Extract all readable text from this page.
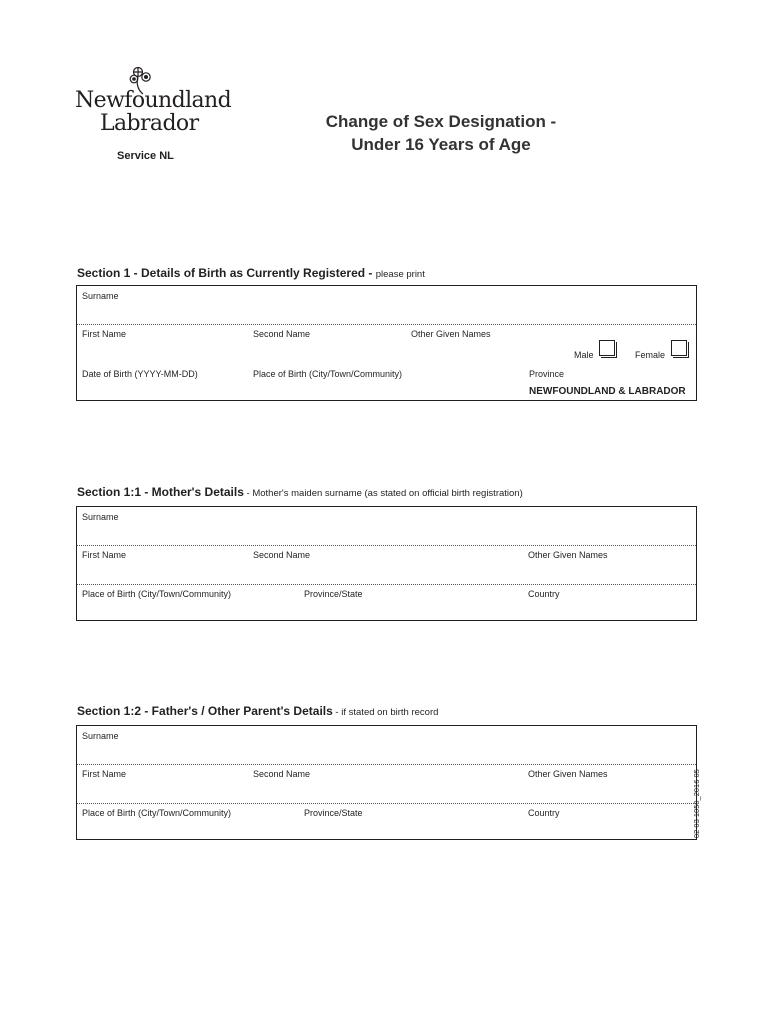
Newfoundland
Labrador
Service NL
Change of Sex Designation -
Under 16 Years of Age
Section 1 - Details of Birth as Currently Registered - please print
Surname
First Name	Second Name	Other Given Names
Male	Female
Date of Birth (YYYY-MM-DD)	Place of Birth (City/Town/Community)	Province
NEWFOUNDLAND & LABRADOR
Section 1:1 - Mother's Details - Mother's maiden surname (as stated on official birth registration)
Surname
First Name	Second Name	Other Given Names
Place of Birth (City/Town/Community)	Province/State	Country
Section 1:2 - Father's / Other Parent's Details - if stated on birth record
Surname
First Name	Second Name	Other Given Names
Place of Birth (City/Town/Community)	Province/State	Country	02 03 1050_2016 05
